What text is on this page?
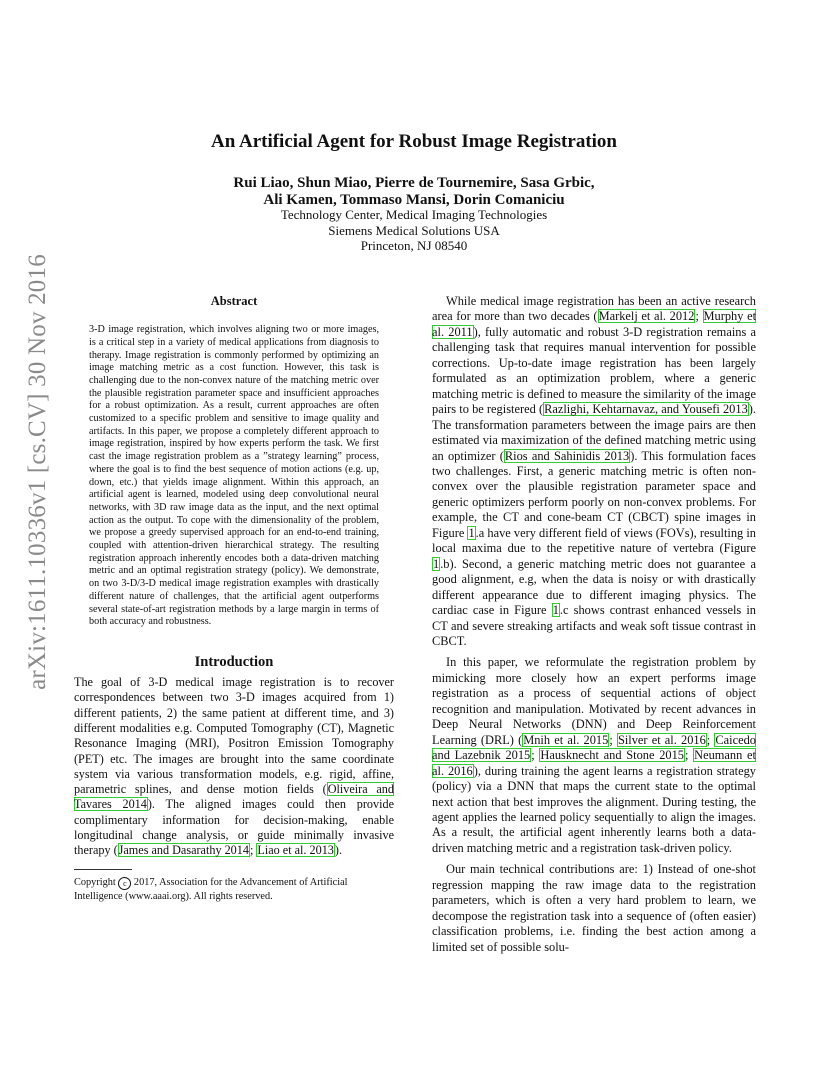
arXiv:1611.10336v1 [cs.CV] 30 Nov 2016
An Artificial Agent for Robust Image Registration
Rui Liao, Shun Miao, Pierre de Tournemire, Sasa Grbic,
Ali Kamen, Tommaso Mansi, Dorin Comaniciu
Technology Center, Medical Imaging Technologies
Siemens Medical Solutions USA
Princeton, NJ 08540
Abstract
3-D image registration, which involves aligning two or more images, is a critical step in a variety of medical applications from diagnosis to therapy. Image registration is commonly performed by optimizing an image matching metric as a cost function. However, this task is challenging due to the non-convex nature of the matching metric over the plausible registration parameter space and insufficient approaches for a robust optimization. As a result, current approaches are often customized to a specific problem and sensitive to image quality and artifacts. In this paper, we propose a completely different approach to image registration, inspired by how experts perform the task. We first cast the image registration problem as a ”strategy learning” process, where the goal is to find the best sequence of motion actions (e.g. up, down, etc.) that yields image alignment. Within this approach, an artificial agent is learned, modeled using deep convolutional neural networks, with 3D raw image data as the input, and the next optimal action as the output. To cope with the dimensionality of the problem, we propose a greedy supervised approach for an end-to-end training, coupled with attention-driven hierarchical strategy. The resulting registration approach inherently encodes both a data-driven matching metric and an optimal registration strategy (policy). We demonstrate, on two 3-D/3-D medical image registration examples with drastically different nature of challenges, that the artificial agent outperforms several state-of-art registration methods by a large margin in terms of both accuracy and robustness.
Introduction

The goal of 3-D medical image registration is to recover correspondences between two 3-D images acquired from 1) different patients, 2) the same patient at different time, and 3) different modalities e.g. Computed Tomography (CT), Magnetic Resonance Imaging (MRI), Positron Emission Tomography (PET) etc. The images are brought into the same coordinate system via various transformation models, e.g. rigid, affine, parametric splines, and dense motion fields (Oliveira and Tavares 2014). The aligned images could then provide complimentary information for decision-making, enable longitudinal change analysis, or guide minimally invasive therapy (James and Dasarathy 2014; Liao et al. 2013).

Copyright c 2017, Association for the Advancement of Artificial Intelligence (www.aaai.org). All rights reserved.

While medical image registration has been an active research area for more than two decades (Markelj et al. 2012; Murphy et al. 2011), fully automatic and robust 3-D registration remains a challenging task that requires manual intervention for possible corrections. Up-to-date image registration has been largely formulated as an optimization problem, where a generic matching metric is defined to measure the similarity of the image pairs to be registered (Razlighi, Kehtarnavaz, and Yousefi 2013). The transformation parameters between the image pairs are then estimated via maximization of the defined matching metric using an optimizer (Rios and Sahinidis 2013). This formulation faces two challenges. First, a generic matching metric is often non-convex over the plausible registration parameter space and generic optimizers perform poorly on non-convex problems. For example, the CT and cone-beam CT (CBCT) spine images in Figure 1.a have very different field of views (FOVs), resulting in local maxima due to the repetitive nature of vertebra (Figure 1.b). Second, a generic matching metric does not guarantee a good alignment, e.g, when the data is noisy or with drastically different appearance due to different imaging physics. The cardiac case in Figure 1.c shows contrast enhanced vessels in CT and severe streaking artifacts and weak soft tissue contrast in CBCT.

In this paper, we reformulate the registration problem by mimicking more closely how an expert performs image registration as a process of sequential actions of object recognition and manipulation. Motivated by recent advances in Deep Neural Networks (DNN) and Deep Reinforcement Learning (DRL) (Mnih et al. 2015; Silver et al. 2016; Caicedo and Lazebnik 2015; Hausknecht and Stone 2015; Neumann et al. 2016), during training the agent learns a registration strategy (policy) via a DNN that maps the current state to the optimal next action that best improves the alignment. During testing, the agent applies the learned policy sequentially to align the images. As a result, the artificial agent inherently learns both a data-driven matching metric and a registration task-driven policy.

Our main technical contributions are: 1) Instead of one-shot regression mapping the raw image data to the registration parameters, which is often a very hard problem to learn, we decompose the registration task into a sequence of (often easier) classification problems, i.e. finding the best action among a limited set of possible solu-
